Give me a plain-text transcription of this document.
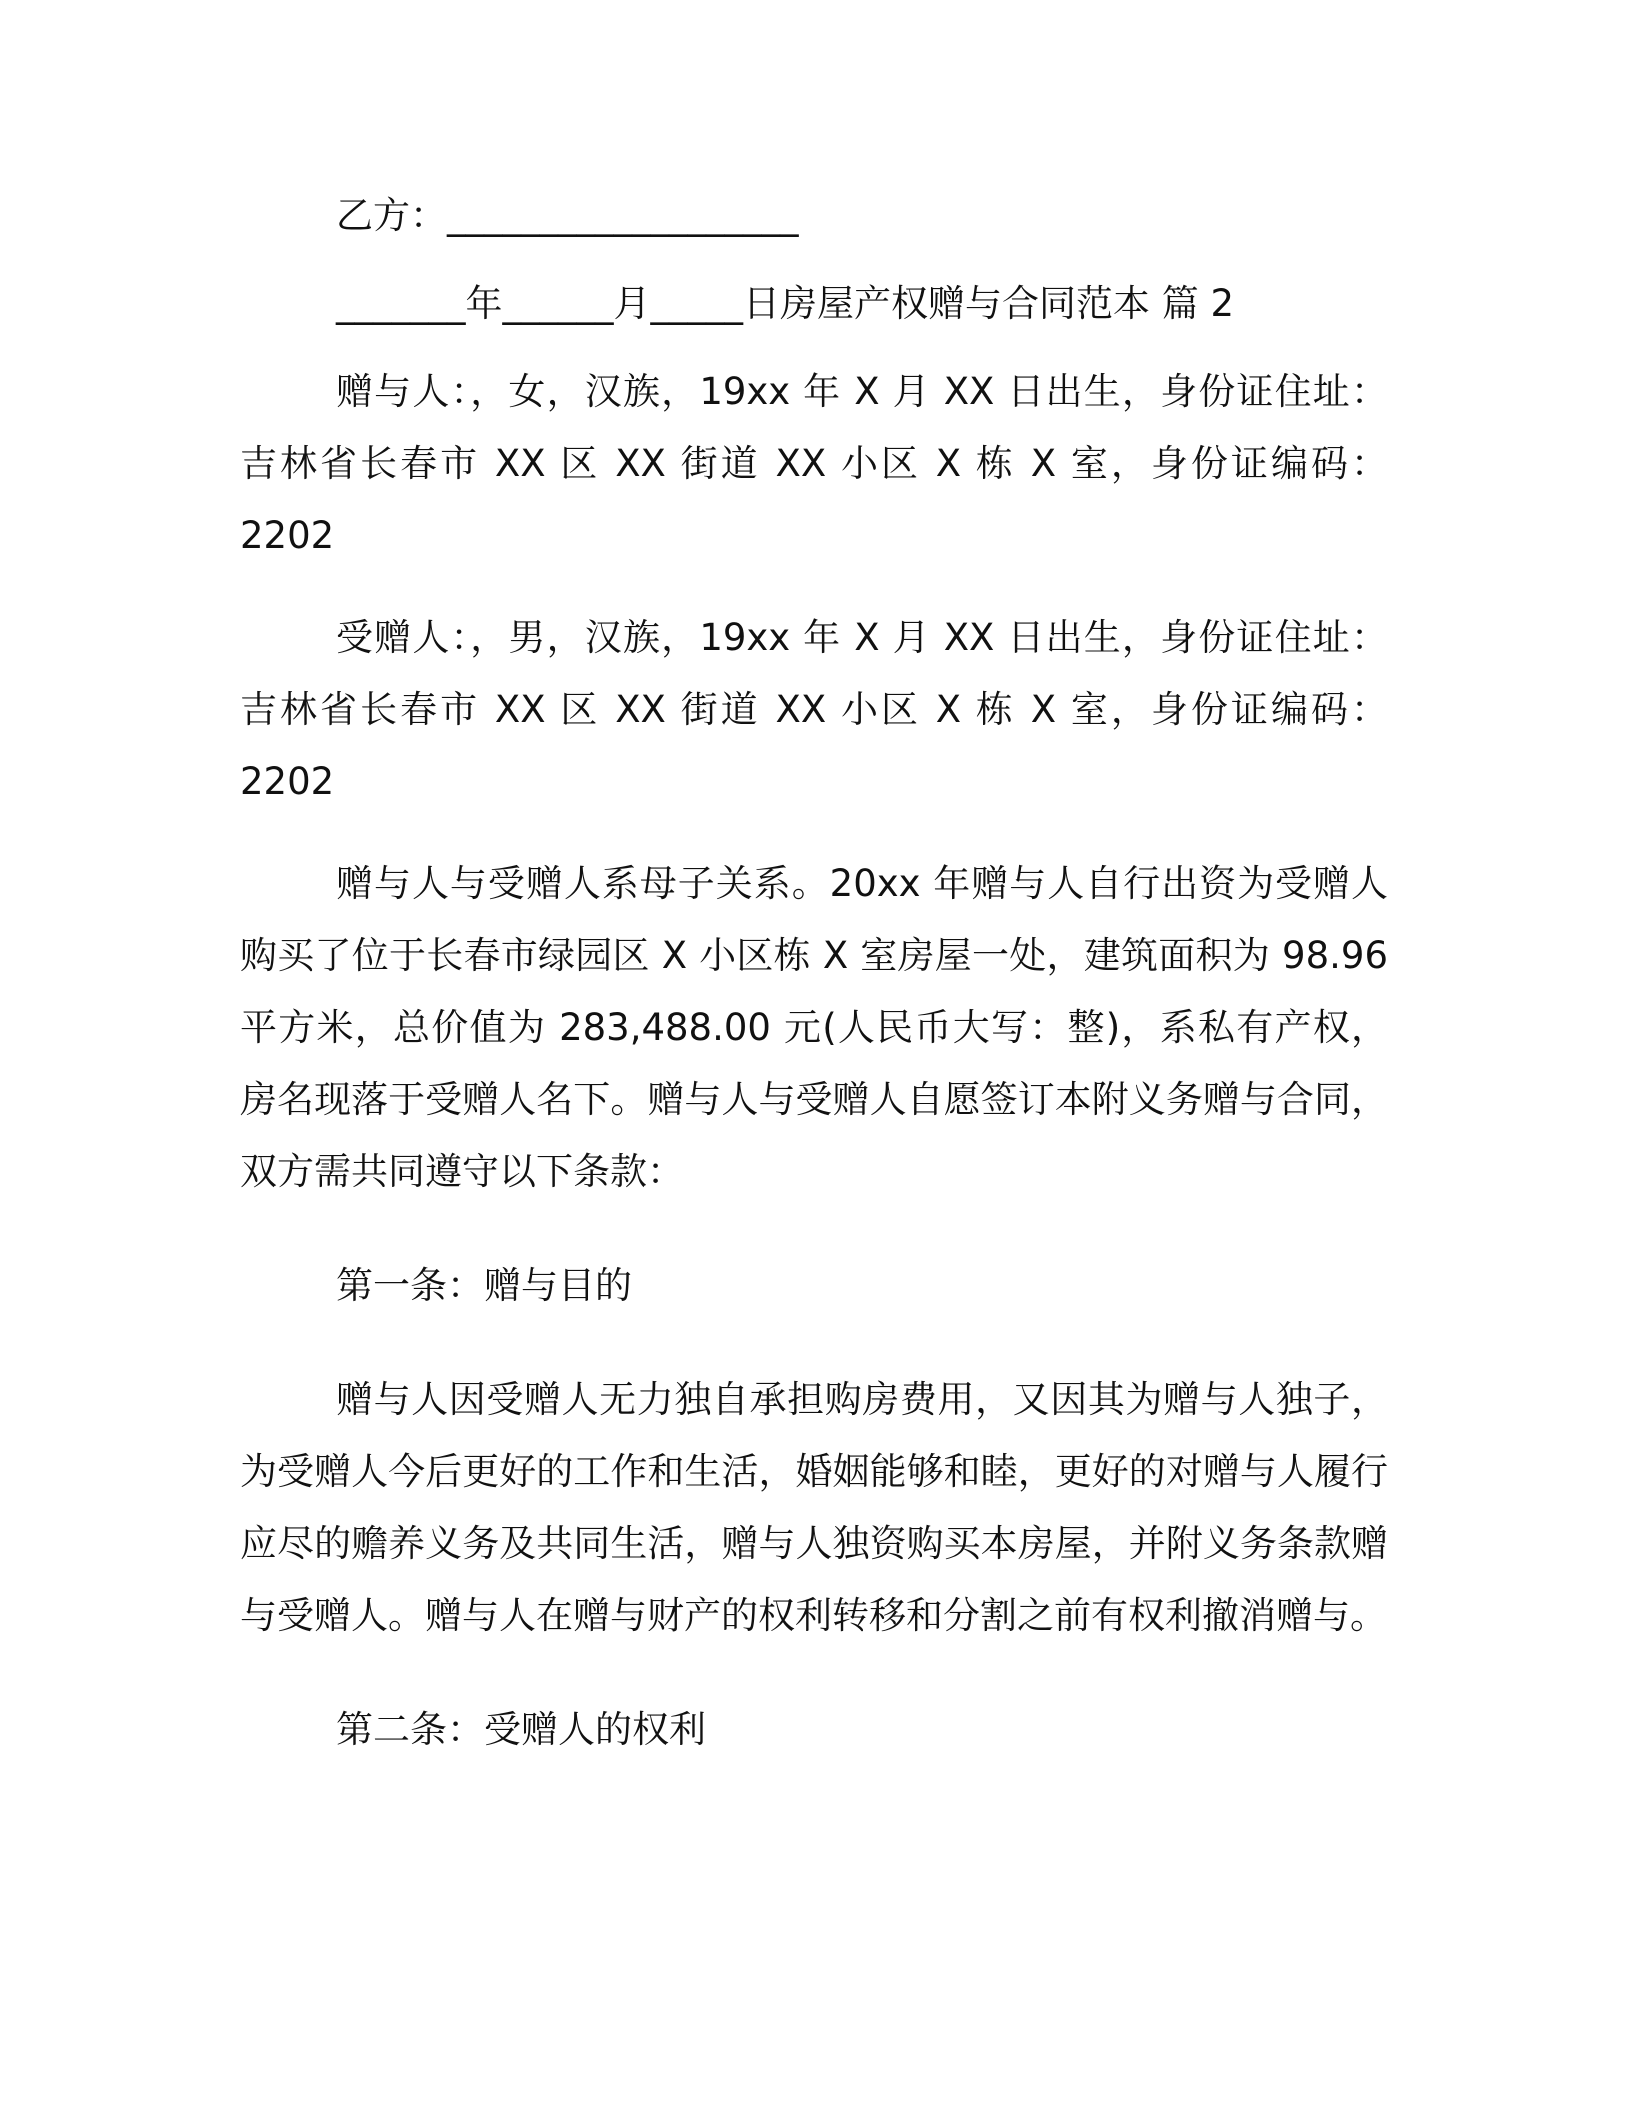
乙方：___________________

_______年______月_____日房屋产权赠与合同范本 篇 2

赠与人：，女，汉族，19xx 年 X 月 XX 日出生，身份证住址：吉林省长春市 XX 区 XX 街道 XX 小区 X 栋 X 室，身份证编码：2202

受赠人：，男，汉族，19xx 年 X 月 XX 日出生，身份证住址：吉林省长春市 XX 区 XX 街道 XX 小区 X 栋 X 室，身份证编码：2202

赠与人与受赠人系母子关系。20xx 年赠与人自行出资为受赠人购买了位于长春市绿园区 X 小区栋 X 室房屋一处，建筑面积为 98.96平方米，总价值为 283,488.00 元(人民币大写：整)，系私有产权，房名现落于受赠人名下。赠与人与受赠人自愿签订本附义务赠与合同，双方需共同遵守以下条款：

第一条：赠与目的

赠与人因受赠人无力独自承担购房费用，又因其为赠与人独子，为受赠人今后更好的工作和生活，婚姻能够和睦，更好的对赠与人履行应尽的赡养义务及共同生活，赠与人独资购买本房屋，并附义务条款赠与受赠人。赠与人在赠与财产的权利转移和分割之前有权利撤消赠与。

第二条：受赠人的权利
